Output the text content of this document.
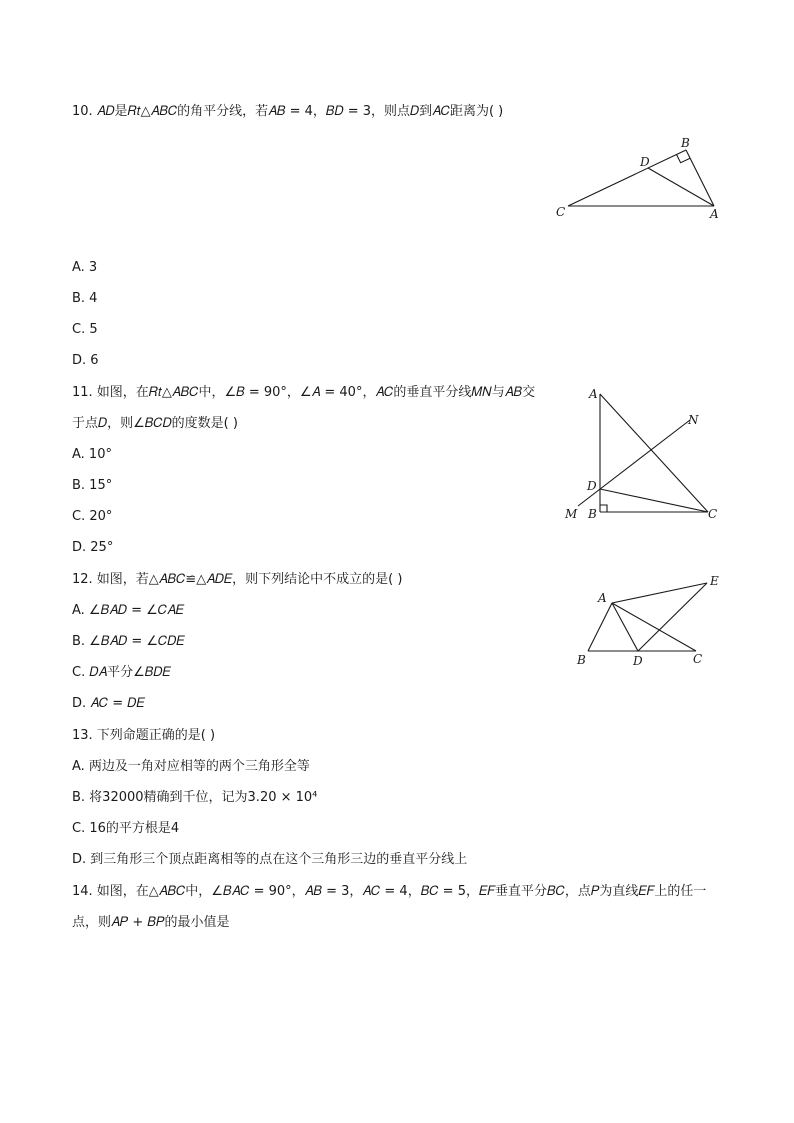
10. 𝐴𝐷是𝑅𝑡△𝐴𝐵𝐶的角平分线，若𝐴𝐵 = 4，𝐵𝐷 = 3，则点𝐷到𝐴𝐶距离为( )
B
D
C	A
A. 3
B. 4
C. 5
D. 6
11. 如图，在𝑅𝑡△𝐴𝐵𝐶中，∠𝐵 = 90°，∠𝐴 = 40°，𝐴𝐶的垂直平分线𝑀𝑁与𝐴𝐵交
于点𝐷，则∠𝐵𝐶𝐷的度数是( )
A. 10°
B. 15°
C. 20°
D. 25°
A
N
D
M B	C
12. 如图，若△𝐴𝐵𝐶≌△𝐴𝐷𝐸，则下列结论中不成立的是( )
A. ∠𝐵𝐴𝐷 = ∠𝐶𝐴𝐸
B. ∠𝐵𝐴𝐷 = ∠𝐶𝐷𝐸
C. 𝐷𝐴平分∠𝐵𝐷𝐸
D. 𝐴𝐶 = 𝐷𝐸
E
A
B	D	C
13. 下列命题正确的是( )
A. 两边及一角对应相等的两个三角形全等
B. 将32000精确到千位，记为3.20 × 10⁴
C. 16的平方根是4
D. 到三角形三个顶点距离相等的点在这个三角形三边的垂直平分线上
14. 如图，在△𝐴𝐵𝐶中，∠𝐵𝐴𝐶 = 90°，𝐴𝐵 = 3，𝐴𝐶 = 4，𝐵𝐶 = 5，𝐸𝐹垂直平分𝐵𝐶，点𝑃为直线𝐸𝐹上的任一
点，则𝐴𝑃 + 𝐵𝑃的最小值是
